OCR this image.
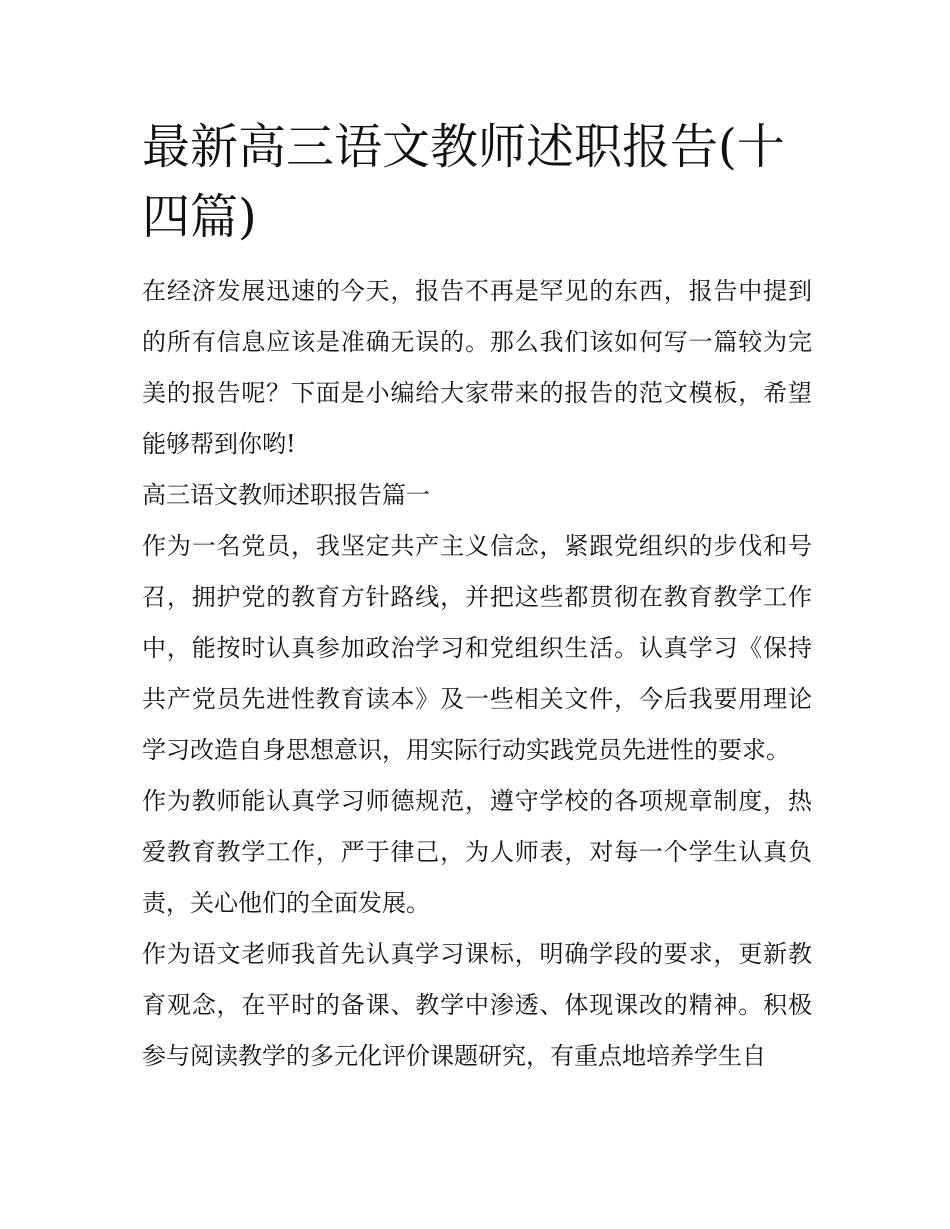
最新高三语文教师述职报告(十四篇)

在经济发展迅速的今天，报告不再是罕见的东西，报告中提到的所有信息应该是准确无误的。那么我们该如何写一篇较为完美的报告呢？下面是小编给大家带来的报告的范文模板，希望能够帮到你哟!

高三语文教师述职报告篇一

作为一名党员，我坚定共产主义信念，紧跟党组织的步伐和号召，拥护党的教育方针路线，并把这些都贯彻在教育教学工作中，能按时认真参加政治学习和党组织生活。认真学习《保持共产党员先进性教育读本》及一些相关文件，今后我要用理论学习改造自身思想意识，用实际行动实践党员先进性的要求。

作为教师能认真学习师德规范，遵守学校的各项规章制度，热爱教育教学工作，严于律己，为人师表，对每一个学生认真负责，关心他们的全面发展。

作为语文老师我首先认真学习课标，明确学段的要求，更新教育观念，在平时的备课、教学中渗透、体现课改的精神。积极参与阅读教学的多元化评价课题研究，有重点地培养学生自
